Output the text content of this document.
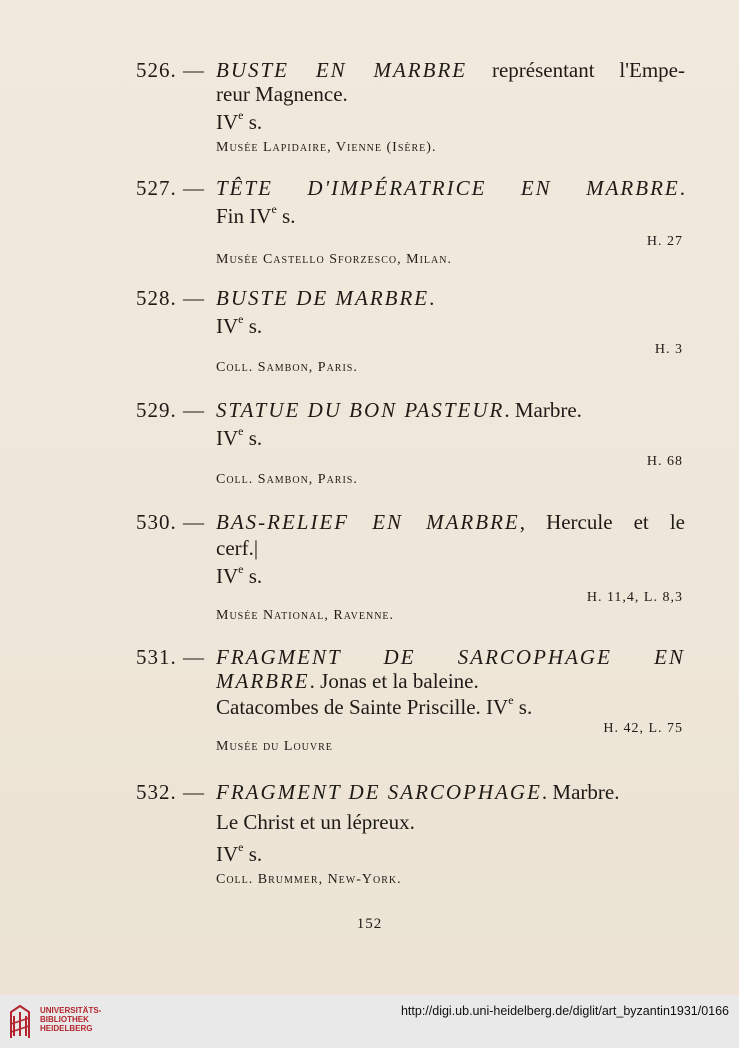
526. — BUSTE EN MARBRE représentant l'Empe-
reur Magnence.
IVe s.
Musée Lapidaire, Vienne (Isère).
527. — TÊTE D'IMPÉRATRICE EN MARBRE.
Fin IVe s.
H. 27
Musée Castello Sforzesco, Milan.
528. — BUSTE DE MARBRE.
IVe s.
H. 3
Coll. Sambon, Paris.
529. — STATUE DU BON PASTEUR. Marbre.
IVe s.
H. 68
Coll. Sambon, Paris.
530. — BAS-RELIEF EN MARBRE, Hercule et le
cerf.|
IVe s.
H. 11,4, L. 8,3
Musée National, Ravenne.
531. — FRAGMENT DE SARCOPHAGE EN
MARBRE. Jonas et la baleine.
Catacombes de Sainte Priscille. IVe s.
H. 42, L. 75
Musée du Louvre
532. — FRAGMENT DE SARCOPHAGE. Marbre.
Le Christ et un lépreux.
IVe s.
Coll. Brummer, New-York.
152
UNIVERSITÄTS-
BIBLIOTHEK
HEIDELBERG
http://digi.ub.uni-heidelberg.de/diglit/art_byzantin1931/0166
